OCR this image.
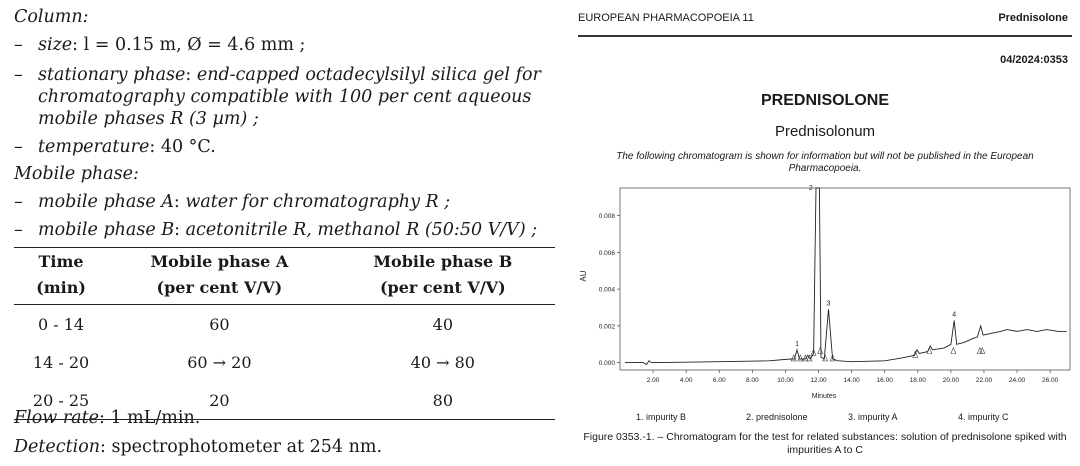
Column:
– size: l = 0.15 m, Ø = 4.6 mm ;
– stationary phase: end-capped octadecylsilyl silica gel for
chromatography compatible with 100 per cent aqueous
mobile phases R (3 µm) ;
– temperature: 40 °C.
Mobile phase:
– mobile phase A: water for chromatography R ;
– mobile phase B: acetonitrile R, methanol R (50:50 V/V) ;
Flow rate: 1 mL/min.
Detection: spectrophotometer at 254 nm.
Time	Mobile phase A	Mobile phase B
(min)	(per cent V/V)	(per cent V/V)
0 - 14	60	40
14 - 20	60 → 20	40 → 80
20 - 25	20	80
EUROPEAN PHARMACOPOEIA 11	Prednisolone
04/2024:0353
PREDNISOLONE
Prednisolonum
The following chromatogram is shown for information but will not be published in the European Pharmacopoeia.
0.000
0.002
0.004
0.006
0.008
2.00	4.00	6.00	8.00	10.00	12.00	14.00	16.00	18.00	20.00	22.00	24.00	26.00
1
2
3
4
AU
Minutes
1. impurity B	2. prednisolone	3. impurity A	4. impurity C
Figure 0353.-1. – Chromatogram for the test for related substances: solution of prednisolone spiked with impurities A to C
